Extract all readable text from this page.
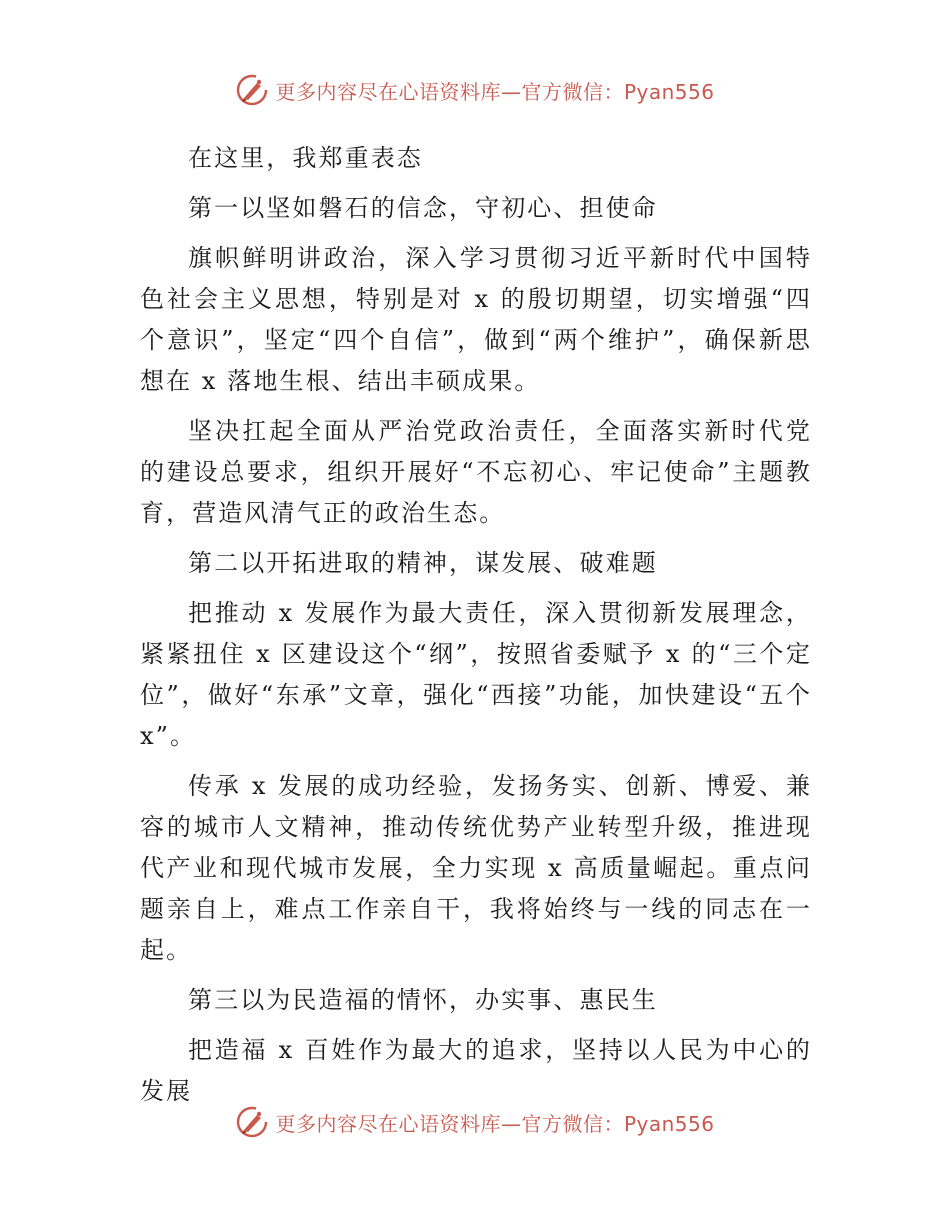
更多内容尽在心语资料库—官方微信：Pyan556

在这里，我郑重表态

第一以坚如磐石的信念，守初心、担使命

旗帜鲜明讲政治，深入学习贯彻习近平新时代中国特色社会主义思想，特别是对 x 的殷切期望，切实增强“四个意识”，坚定“四个自信”，做到“两个维护”，确保新思想在 x 落地生根、结出丰硕成果。

坚决扛起全面从严治党政治责任，全面落实新时代党的建设总要求，组织开展好“不忘初心、牢记使命”主题教育，营造风清气正的政治生态。

第二以开拓进取的精神，谋发展、破难题

把推动 x 发展作为最大责任，深入贯彻新发展理念，紧紧扭住 x 区建设这个“纲”，按照省委赋予 x 的“三个定位”，做好“东承”文章，强化“西接”功能，加快建设“五个 x”。

传承 x 发展的成功经验，发扬务实、创新、博爱、兼容的城市人文精神，推动传统优势产业转型升级，推进现代产业和现代城市发展，全力实现 x 高质量崛起。重点问题亲自上，难点工作亲自干，我将始终与一线的同志在一起。

第三以为民造福的情怀，办实事、惠民生

把造福 x 百姓作为最大的追求，坚持以人民为中心的发展

更多内容尽在心语资料库—官方微信：Pyan556
